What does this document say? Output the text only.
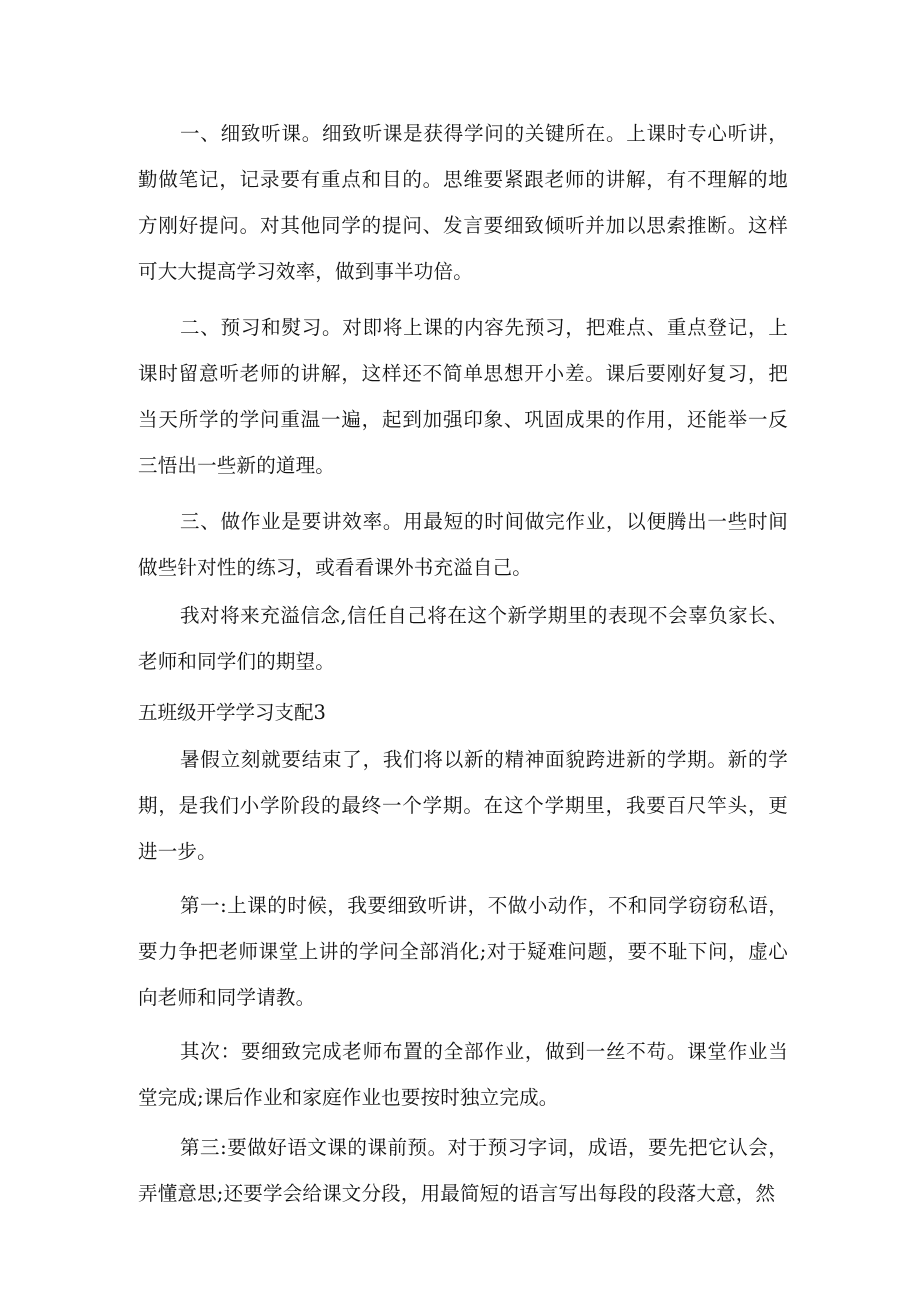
一、细致听课。细致听课是获得学问的关键所在。上课时专心听讲，勤做笔记，记录要有重点和目的。思维要紧跟老师的讲解，有不理解的地方刚好提问。对其他同学的提问、发言要细致倾听并加以思索推断。这样可大大提高学习效率，做到事半功倍。

二、预习和熨习。对即将上课的内容先预习，把难点、重点登记，上课时留意听老师的讲解，这样还不简单思想开小差。课后要刚好复习，把当天所学的学问重温一遍，起到加强印象、巩固成果的作用，还能举一反三悟出一些新的道理。

三、做作业是要讲效率。用最短的时间做完作业，以便腾出一些时间做些针对性的练习，或看看课外书充溢自己。

我对将来充溢信念,信任自己将在这个新学期里的表现不会辜负家长、老师和同学们的期望。

五班级开学学习支配3

暑假立刻就要结束了，我们将以新的精神面貌跨进新的学期。新的学期，是我们小学阶段的最终一个学期。在这个学期里，我要百尺竿头，更进一步。

第一:上课的时候，我要细致听讲，不做小动作，不和同学窃窃私语，要力争把老师课堂上讲的学问全部消化;对于疑难问题，要不耻下问，虚心向老师和同学请教。

其次：要细致完成老师布置的全部作业，做到一丝不苟。课堂作业当堂完成;课后作业和家庭作业也要按时独立完成。

第三:要做好语文课的课前预。对于预习字词，成语，要先把它认会，弄懂意思;还要学会给课文分段，用最简短的语言写出每段的段落大意，然
